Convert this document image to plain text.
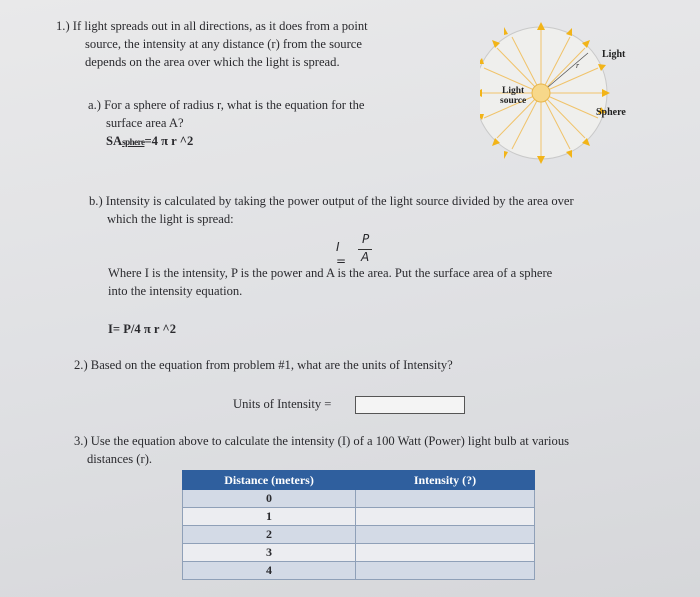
1.) If light spreads out in all directions, as it does from a point
source, the intensity at any distance (r) from the source
depends on the area over which the light is spread.
a.) For a sphere of radius r, what is the equation for the
surface area A?
SAsphere=4 π r ^2
r
Light
Light
source
Sphere
b.) Intensity is calculated by taking the power output of the light source divided by the area over
which the light is spread:
I =
P
A
Where I is the intensity, P is the power and A is the area. Put the surface area of a sphere
into the intensity equation.
I= P/4 π r ^2
2.) Based on the equation from problem #1, what are the units of Intensity?
Units of Intensity =
3.) Use the equation above to calculate the intensity (I) of a 100 Watt (Power) light bulb at various
distances (r).
Distance (meters)	Intensity (?)
0	
1	
2	
3	
4	
